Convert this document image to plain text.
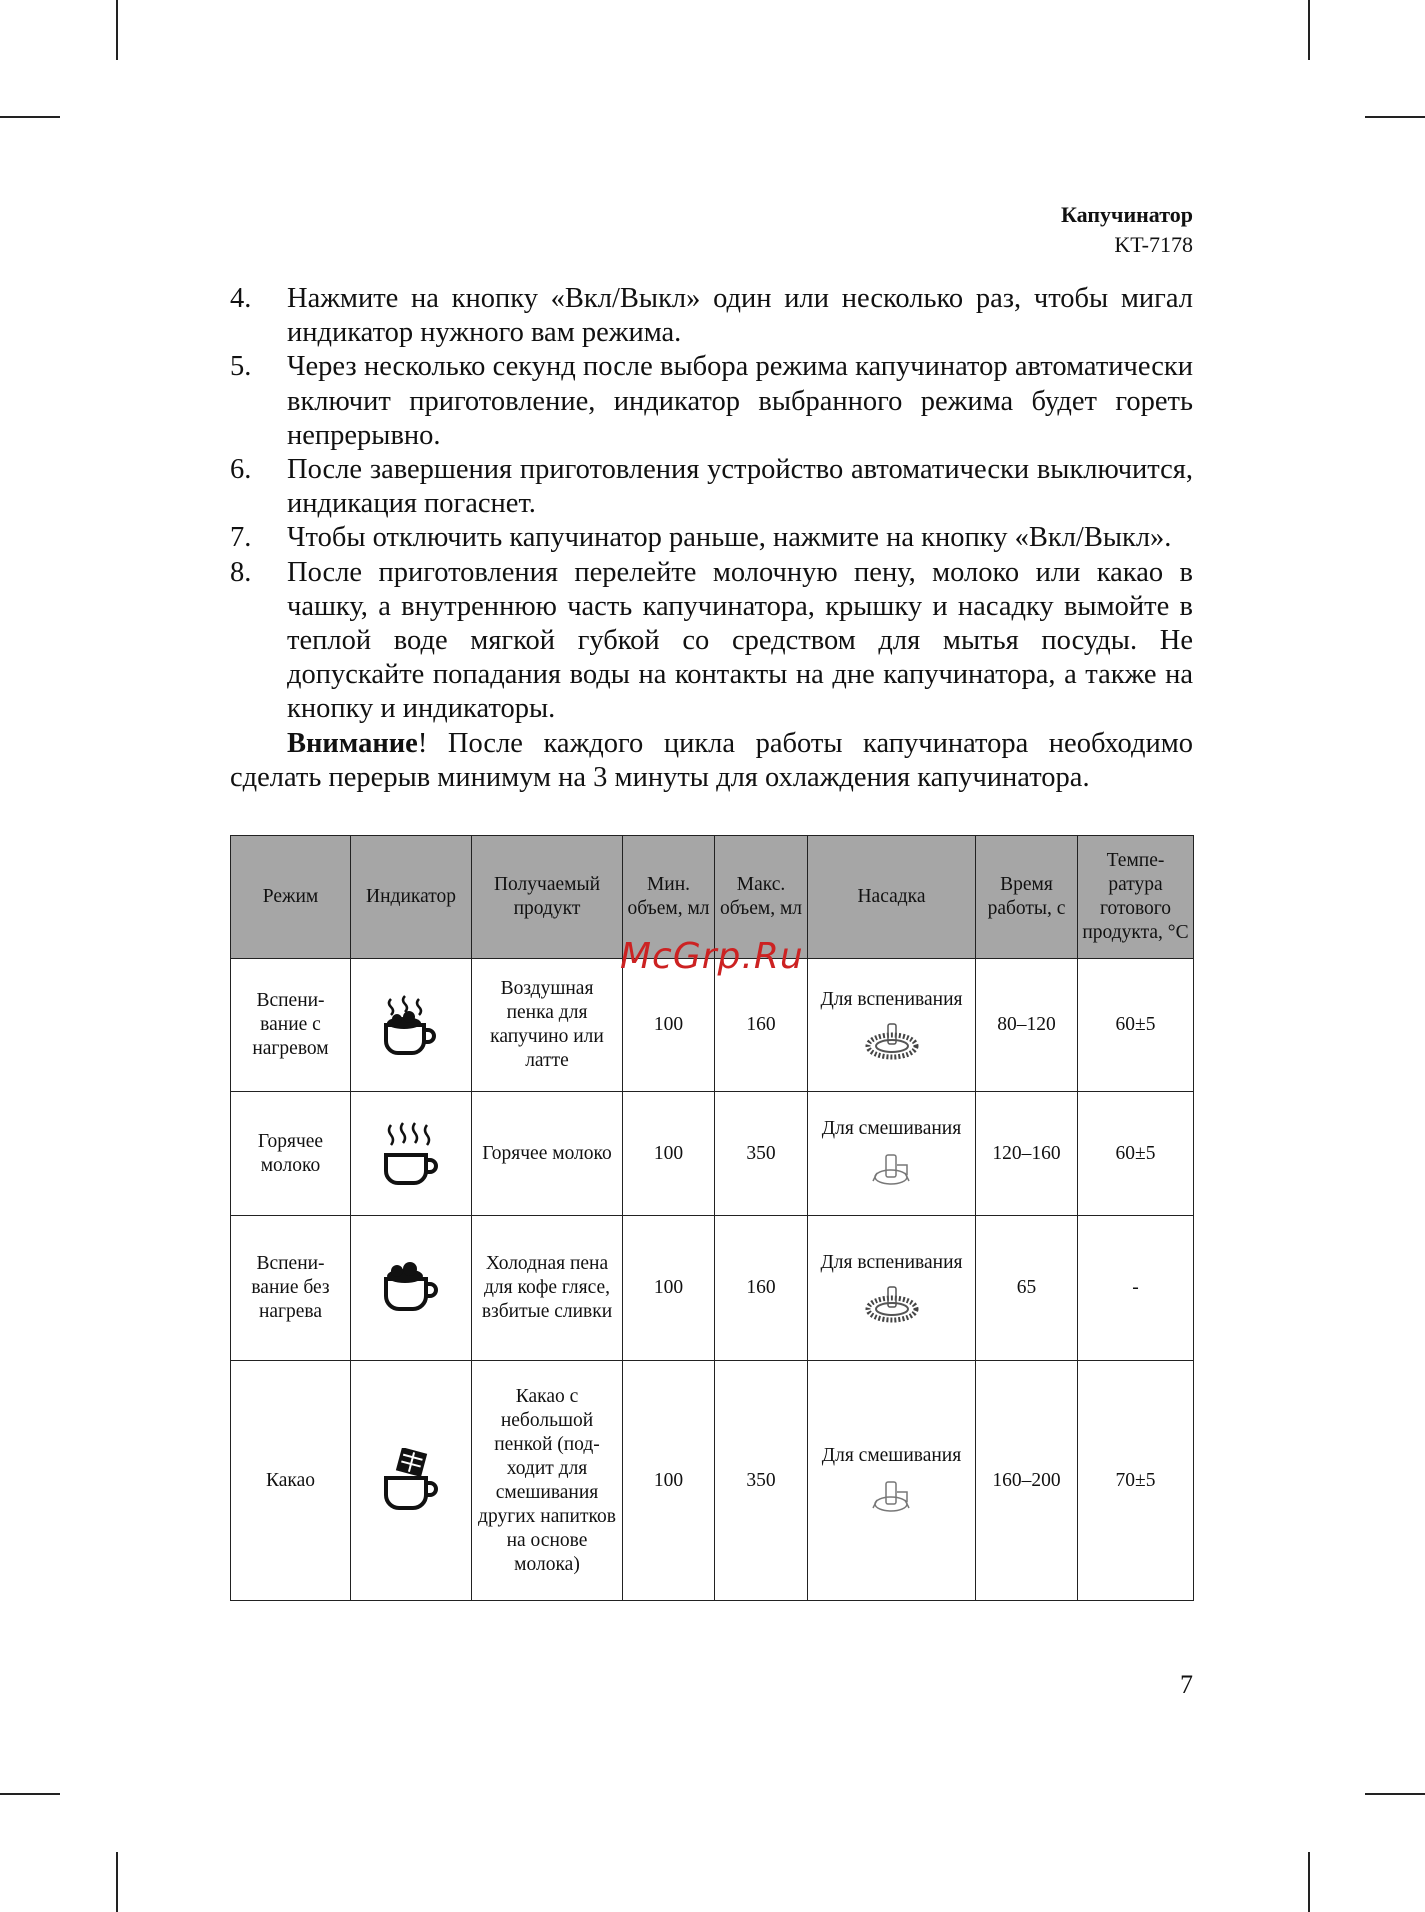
Капучинатор
KT-7178
4.	Нажмите на кнопку «Вкл/Выкл» один или несколько раз, чтобы мигал индикатор нужного вам режима.
5.	Через несколько секунд после выбора режима капучинатор автоматически включит приготовление, индикатор выбранного режима будет гореть непрерывно.
6.	После завершения приготовления устройство автоматически выключится, индикация погаснет.
7.	Чтобы отключить капучинатор раньше, нажмите на кнопку «Вкл/Выкл».
8.	После приготовления перелейте молочную пену, молоко или какао в чашку, а внутреннюю часть капучинатора, крышку и насадку вымойте в теплой воде мягкой губкой со средством для мытья посуды. Не допускайте попадания воды на контакты на дне капучинатора, а также на кнопку и индикаторы.
Внимание! После каждого цикла работы капучинатора необходимо сделать перерыв минимум на 3 минуты для охлаждения капучинатора.
Режим	Индикатор	Получаемый продукт	Мин. объем, мл	Макс. объем, мл	Насадка	Время работы, с	Темпе-ратура готового продукта, °С
Вспени-вание с нагревом		Воздушная пенка для капучино или латте	100	160	Для вспенивания	80–120	60±5
Горячее молоко		Горячее молоко	100	350	Для смешивания	120–160	60±5
Вспени-вание без нагрева		Холодная пена для кофе глясе, взбитые сливки	100	160	Для вспенивания	65	-
Какао		Какао с небольшой пенкой (под-ходит для смешивания других напитков на основе молока)	100	350	Для смешивания	160–200	70±5
McGrp.Ru
7
